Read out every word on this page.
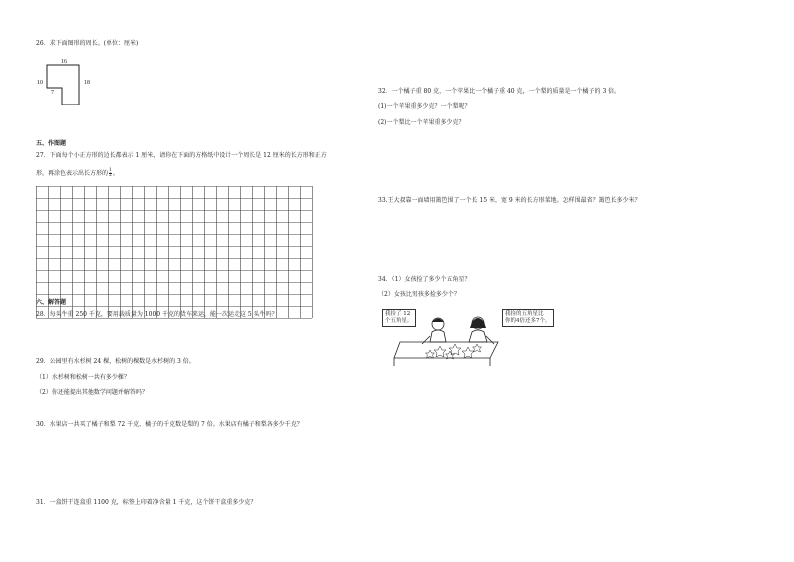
26．求下面图形的周长。(单位：厘米)
16
10	18
7
五、作图题
27．下面每个小正方形的边长都表示 1 厘米，请你在下面的方格纸中设计一个周长是 12 厘米的长方形和正方
形，再涂色表示出长方形的 $\frac{1}{2}$ 。
六、解答题
28．每头牛重 250 千克，要用载质量为 1000 千克的货车来运，能一次运走这 5 头牛吗？
29．公园里有水杉树 24 棵，松树的棵数是水杉树的 3 倍。
（1）水杉树和松树一共有多少棵？
（2）你还能提出其他数学问题并解答吗？
30．水果店一共买了橘子和梨 72 千克，橘子的千克数是梨的 7 倍。水果店有橘子和梨各多少千克？
31．一盒饼干连盒重 1100 克，标签上印着净含量 1 千克，这个饼干盒重多少克？
32．一个橘子重 80 克，一个苹果比一个橘子重 40 克，一个梨的质量是一个橘子的 3 倍。
(1)一个苹果重多少克？一个梨呢？
(2)一个梨比一个苹果重多少克？
33.王大叔靠一面墙用篱笆围了一个长 15 米，宽 9 米的长方形菜地。怎样围最省？篱笆长多少米？
34．（1）女孩捡了多少个五角星？
（2）女孩比男孩多捡多少个？
我捡了 12
个五角星。
我捡的五角星比
你的4倍还多7个。
